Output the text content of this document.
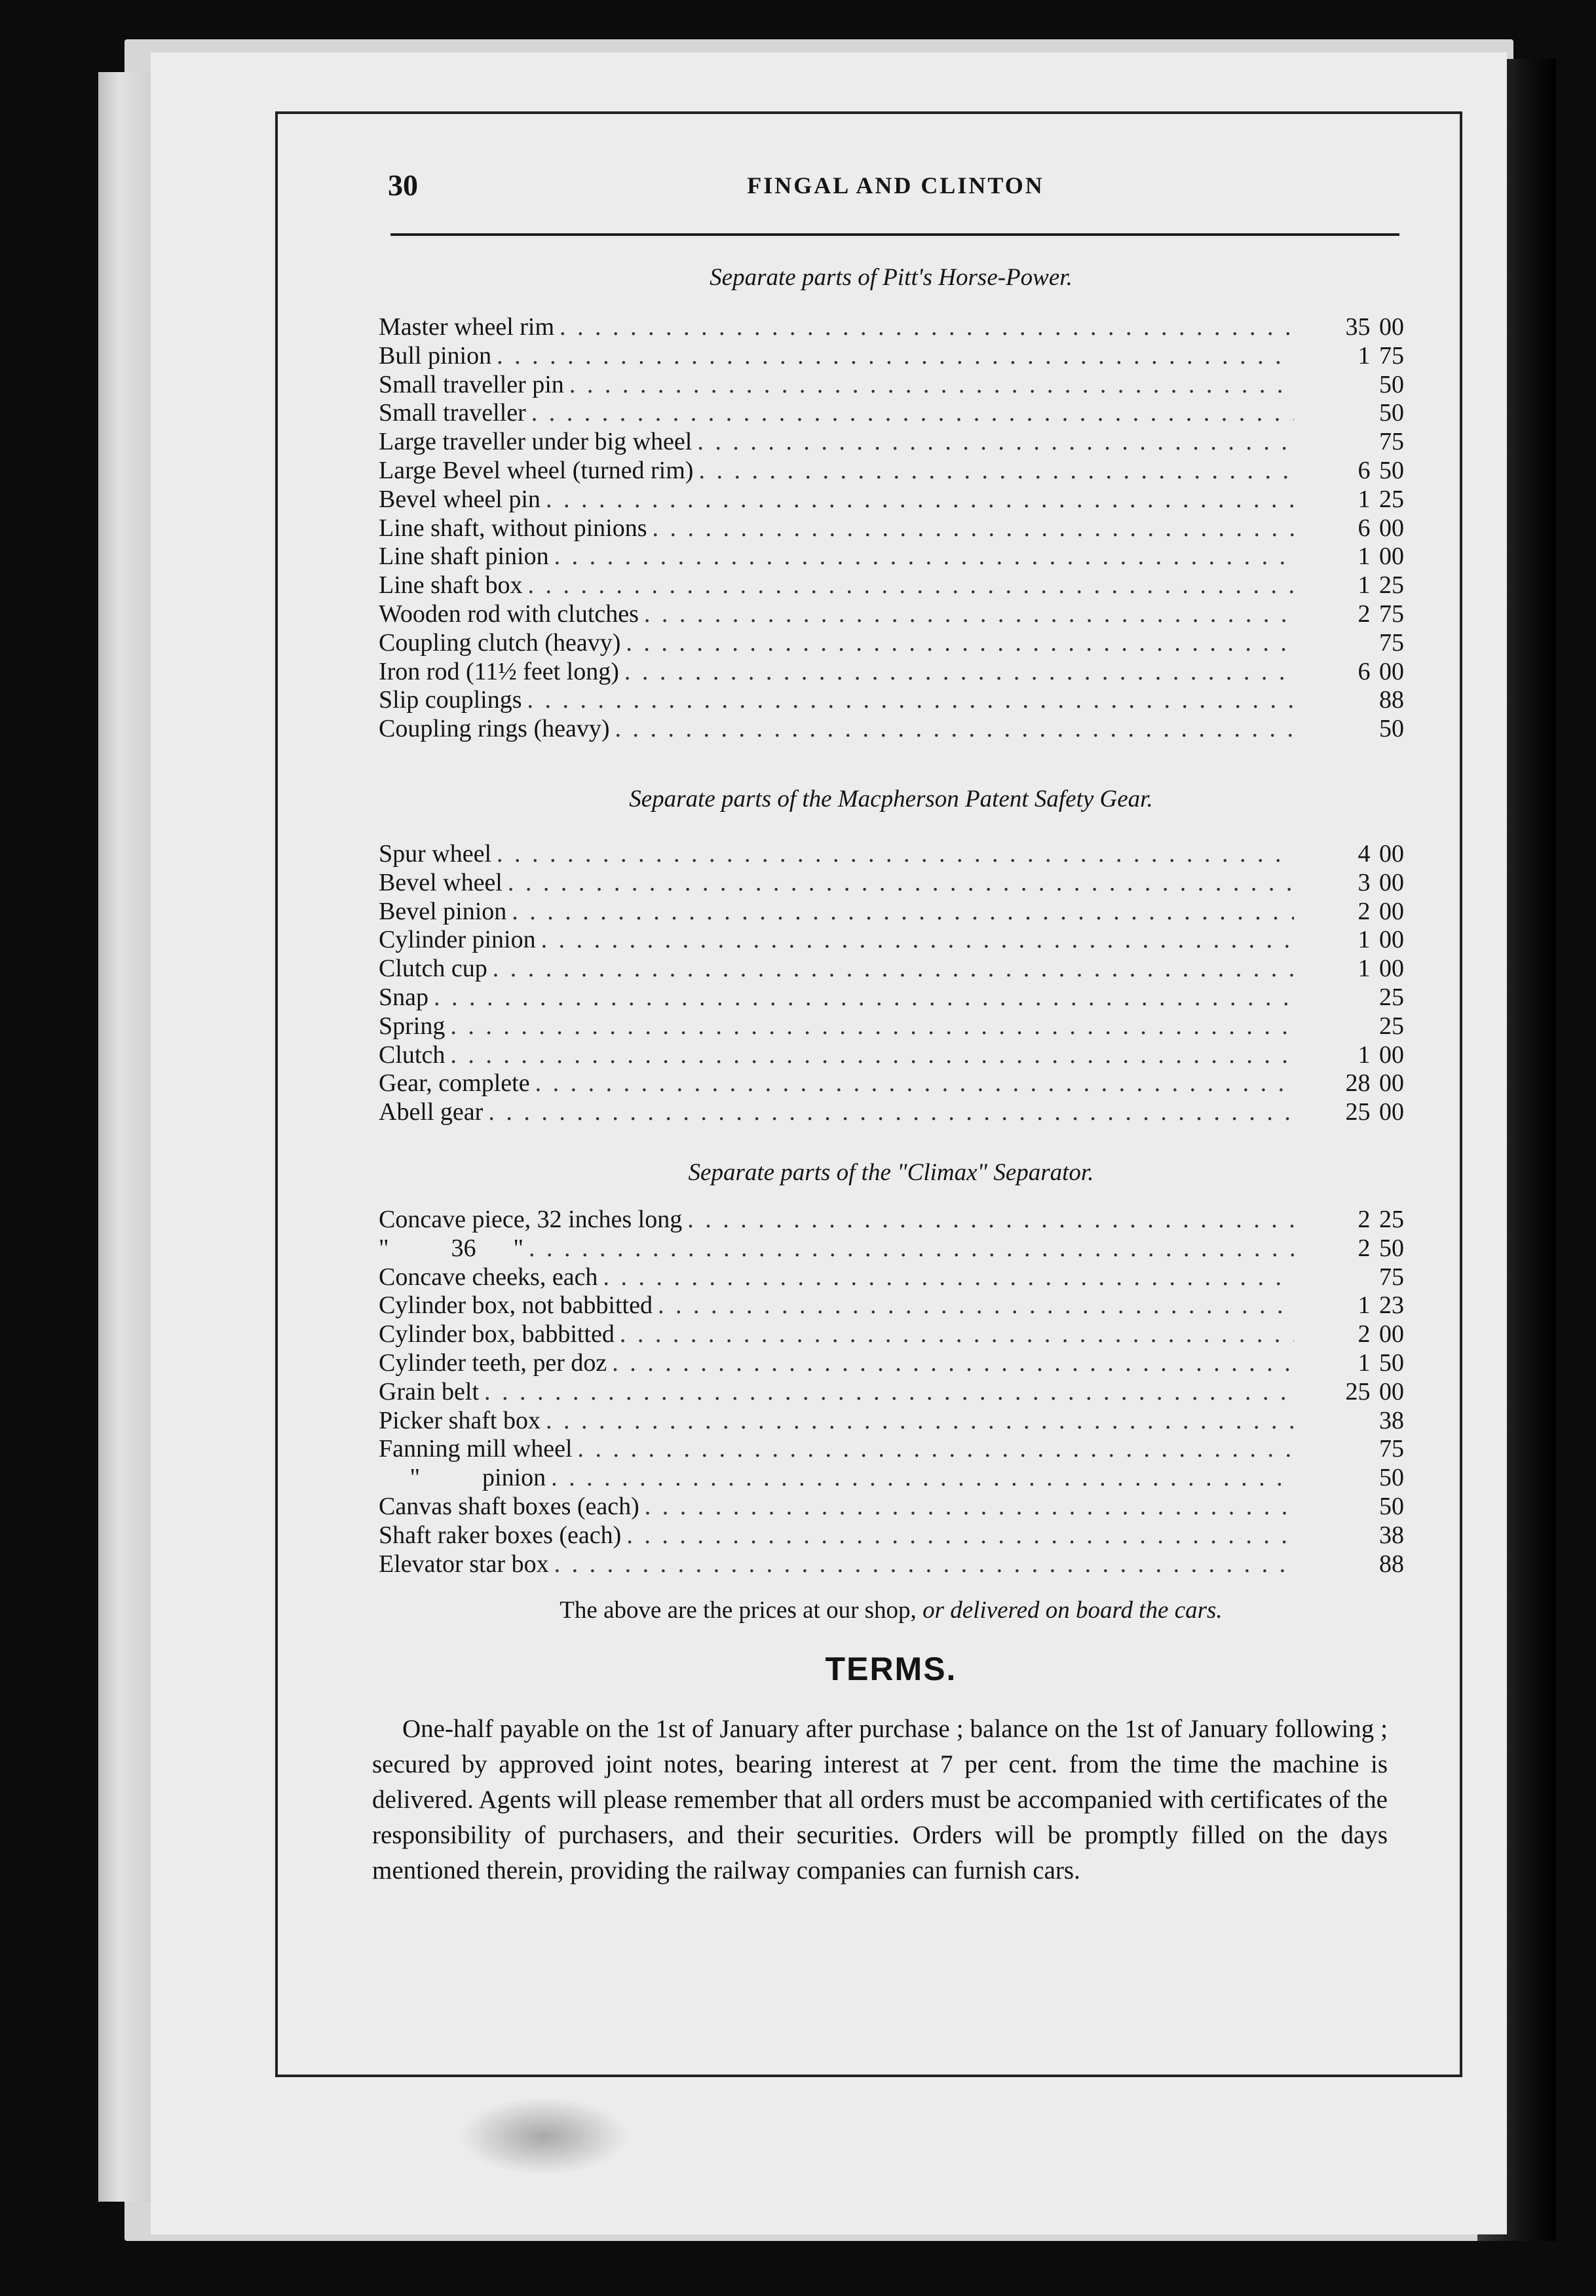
30	FINGAL AND CLINTON
Separate parts of Pitt's Horse-Power.
Master wheel rim . . .	35 00
Bull pinion . . .	1 75
Small traveller pin . . .	50
Small traveller . . .	50
Large traveller under big wheel . . .	75
Large Bevel wheel (turned rim) . . .	6 50
Bevel wheel pin . . .	1 25
Line shaft, without pinions . . .	6 00
Line shaft pinion . . .	1 00
Line shaft box . . .	1 25
Wooden rod with clutches . . .	2 75
Coupling clutch (heavy) . . .	75
Iron rod (11½ feet long) . . .	6 00
Slip couplings . . .	88
Coupling rings (heavy) . . .	50
Separate parts of the Macpherson Patent Safety Gear.
Spur wheel . . .	4 00
Bevel wheel . . .	3 00
Bevel pinion . . .	2 00
Cylinder pinion . . .	1 00
Clutch cup . . .	1 00
Snap . . .	25
Spring . . .	25
Clutch . . .	1 00
Gear, complete . . .	28 00
Abell gear . . .	25 00
Separate parts of the "Climax" Separator.
Concave piece, 32 inches long . . .	2 25
"          36      " . . .	2 50
Concave cheeks, each . . .	75
Cylinder box, not babbitted . . .	1 23
Cylinder box, babbitted . . .	2 00
Cylinder teeth, per doz . . .	1 50
Grain belt . . .	25 00
Picker shaft box . . .	38
Fanning mill wheel . . .	75
"          pinion . . .	50
Canvas shaft boxes (each) . . .	50
Shaft raker boxes (each) . . .	38
Elevator star box . . .	88
The above are the prices at our shop, or delivered on board the cars.
TERMS.
One-half payable on the 1st of January after purchase ; balance on the 1st of January following ; secured by approved joint notes, bearing interest at 7 per cent. from the time the machine is delivered. Agents will please remember that all orders must be accompanied with certificates of the responsibility of purchasers, and their securities. Orders will be promptly filled on the days mentioned therein, providing the railway companies can furnish cars.
